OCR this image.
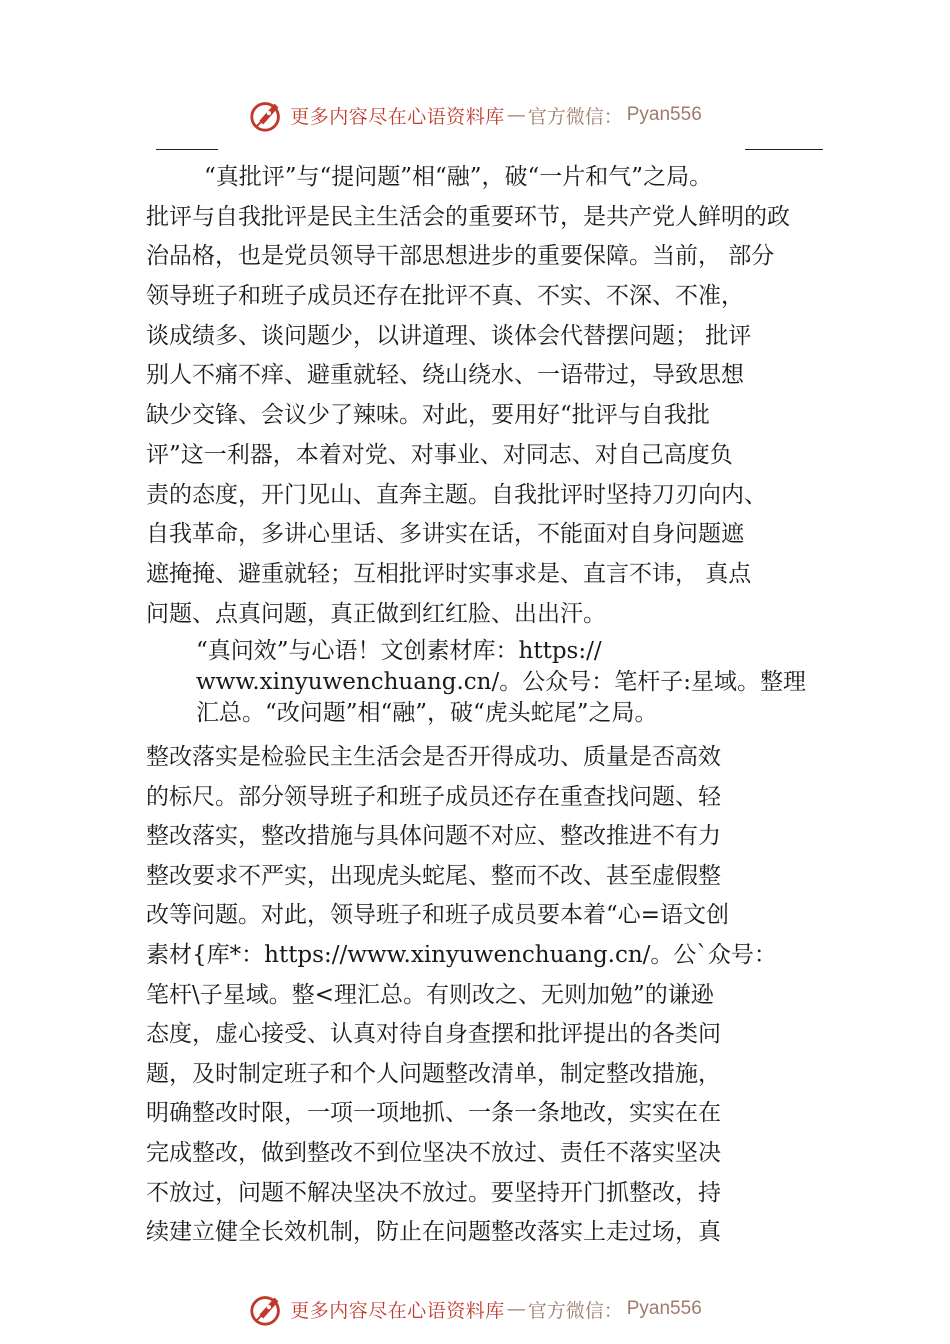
更多内容尽在心语资料库 — 官方微信： Pyan556
“真批评”与“提问题”相“融”，破“一片和气”之局。
批评与自我批评是民主生活会的重要环节，是共产党人鲜明的政
治品格，也是党员领导干部思想进步的重要保障。当前， 部分
领导班子和班子成员还存在批评不真、不实、不深、不准，
谈成绩多、谈问题少，以讲道理、谈体会代替摆问题； 批评
别人不痛不痒、避重就轻、绕山绕水、一语带过，导致思想
缺少交锋、会议少了辣味。对此，要用好“批评与自我批
评”这一利器，本着对党、对事业、对同志、对自己高度负
责的态度，开门见山、直奔主题。自我批评时坚持刀刃向内、
自我革命，多讲心里话、多讲实在话，不能面对自身问题遮
遮掩掩、避重就轻；互相批评时实事求是、直言不讳， 真点
问题、点真问题，真正做到红红脸、出出汗。
“真问效”与心语！文创素材库：https://
www.xinyuwenchuang.cn/。公众号：笔杆子:星域。整理
汇总。“改问题”相“融”，破“虎头蛇尾”之局。
整改落实是检验民主生活会是否开得成功、质量是否高效
的标尺。部分领导班子和班子成员还存在重查找问题、轻
整改落实，整改措施与具体问题不对应、整改推进不有力
整改要求不严实，出现虎头蛇尾、整而不改、甚至虚假整
改等问题。对此，领导班子和班子成员要本着“心=语文创
素材{库*：https://www.xinyuwenchuang.cn/。公`众号：
笔杆\子星域。整<理汇总。有则改之、无则加勉”的谦逊
态度，虚心接受、认真对待自身查摆和批评提出的各类问
题，及时制定班子和个人问题整改清单，制定整改措施，
明确整改时限，一项一项地抓、一条一条地改，实实在在
完成整改，做到整改不到位坚决不放过、责任不落实坚决
不放过，问题不解决坚决不放过。要坚持开门抓整改，持
续建立健全长效机制，防止在问题整改落实上走过场，真
更多内容尽在心语资料库 — 官方微信： Pyan556
